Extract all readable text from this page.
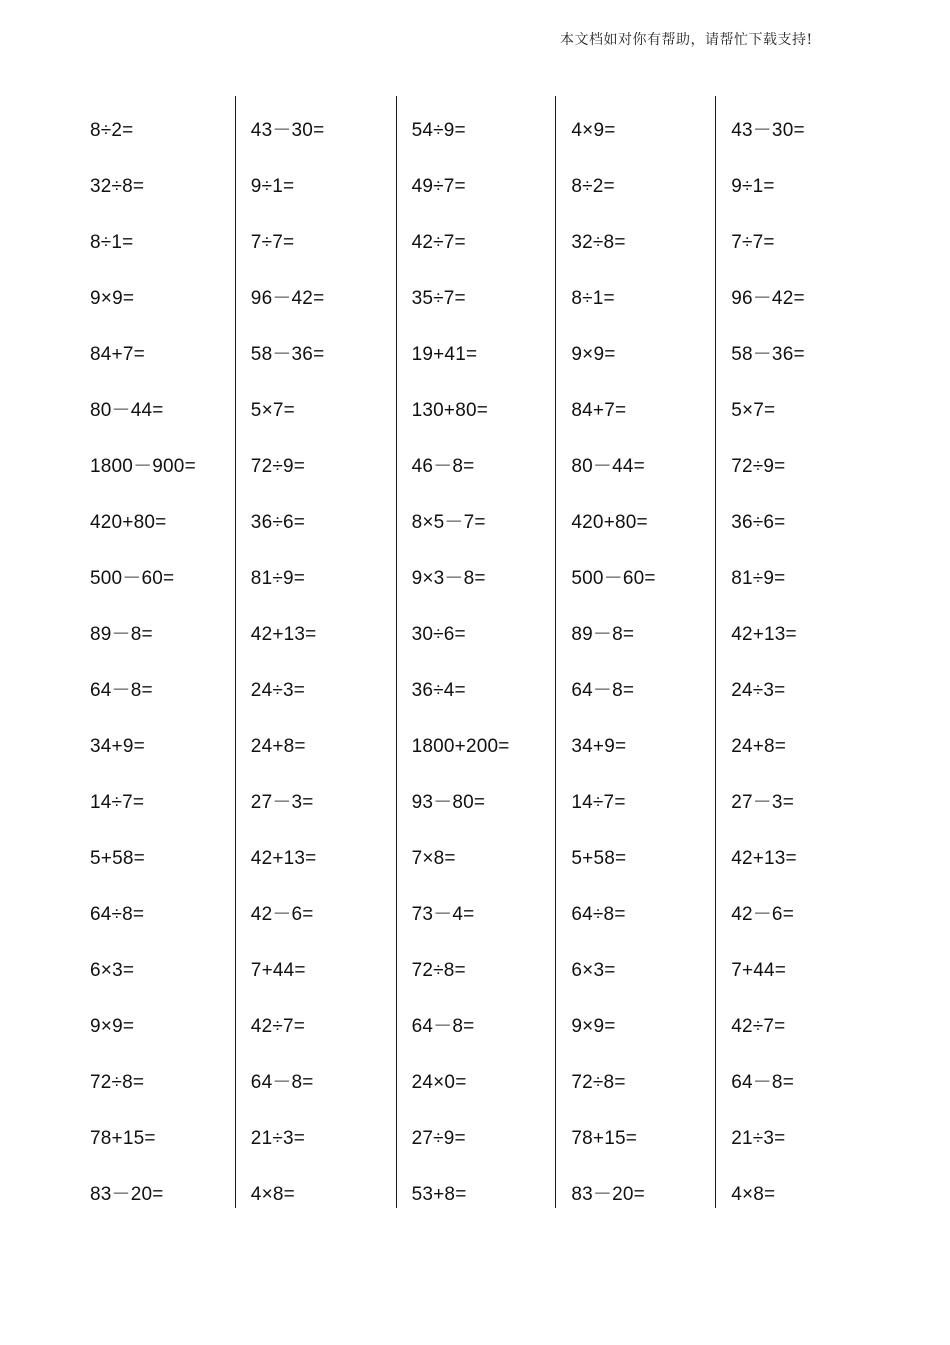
本文档如对你有帮助，请帮忙下载支持!
8÷2=
32÷8=
8÷1=
9×9=
84+7=
80－44=
1800－900=
420+80=
500－60=
89－8=
64－8=
34+9=
14÷7=
5+58=
64÷8=
6×3=
9×9=
72÷8=
78+15=
83－20=
43－30=
9÷1=
7÷7=
96－42=
58－36=
5×7=
72÷9=
36÷6=
81÷9=
42+13=
24÷3=
24+8=
27－3=
42+13=
42－6=
7+44=
42÷7=
64－8=
21÷3=
4×8=
54÷9=
49÷7=
42÷7=
35÷7=
19+41=
130+80=
46－8=
8×5－7=
9×3－8=
30÷6=
36÷4=
1800+200=
93－80=
7×8=
73－4=
72÷8=
64－8=
24×0=
27÷9=
53+8=
4×9=
8÷2=
32÷8=
8÷1=
9×9=
84+7=
80－44=
420+80=
500－60=
89－8=
64－8=
34+9=
14÷7=
5+58=
64÷8=
6×3=
9×9=
72÷8=
78+15=
83－20=
43－30=
9÷1=
7÷7=
96－42=
58－36=
5×7=
72÷9=
36÷6=
81÷9=
42+13=
24÷3=
24+8=
27－3=
42+13=
42－6=
7+44=
42÷7=
64－8=
21÷3=
4×8=
